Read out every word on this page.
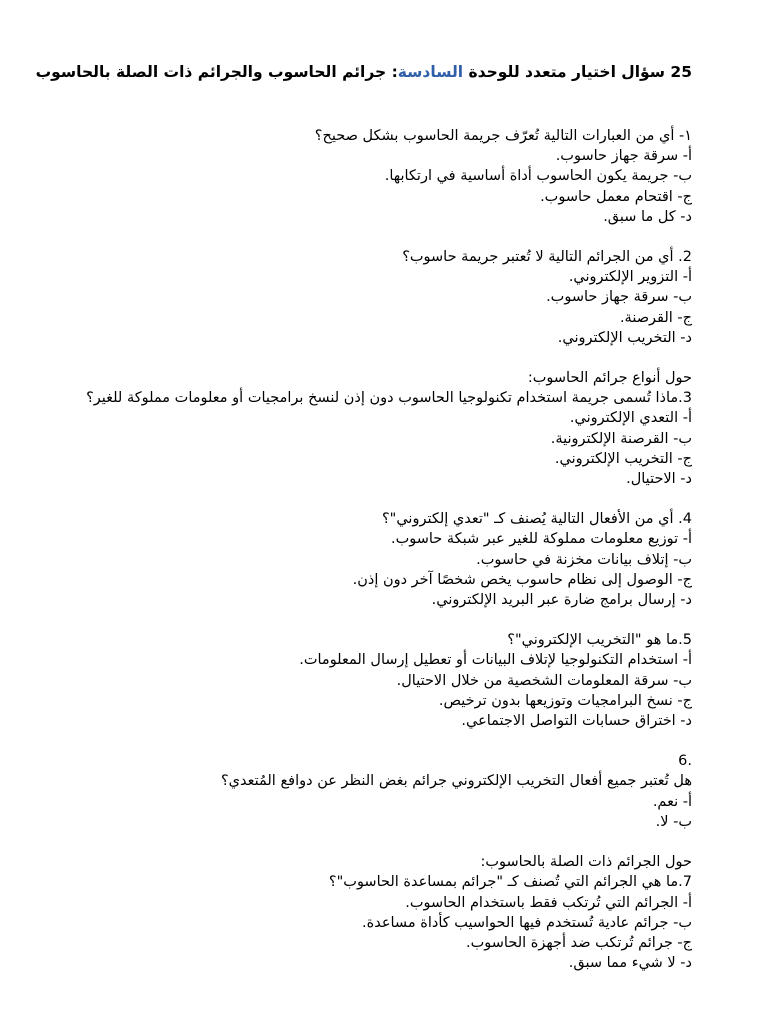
25 سؤال اختيار متعدد للوحدة السادسة: جرائم الحاسوب والجرائم ذات الصلة بالحاسوب
١- أي من العبارات التالية تُعرّف جريمة الحاسوب بشكل صحيح؟
أ- سرقة جهاز حاسوب.
ب- جريمة يكون الحاسوب أداة أساسية في ارتكابها.
ج- اقتحام معمل حاسوب.
د- كل ما سبق.
2. أي من الجرائم التالية لا تُعتبر جريمة حاسوب؟
أ- التزوير الإلكتروني.
ب- سرقة جهاز حاسوب.
ج- القرصنة.
د- التخريب الإلكتروني.
حول أنواع جرائم الحاسوب:
3.ماذا تُسمى جريمة استخدام تكنولوجيا الحاسوب دون إذن لنسخ برامجيات أو معلومات مملوكة للغير؟
أ- التعدي الإلكتروني.
ب- القرصنة الإلكترونية.
ج- التخريب الإلكتروني.
د- الاحتيال.
4. أي من الأفعال التالية يُصنف كـ "تعدي إلكتروني"؟
أ- توزيع معلومات مملوكة للغير عبر شبكة حاسوب.
ب- إتلاف بيانات مخزنة في حاسوب.
ج- الوصول إلى نظام حاسوب يخص شخصًا آخر دون إذن.
د- إرسال برامج ضارة عبر البريد الإلكتروني.
5.ما هو "التخريب الإلكتروني"؟
أ- استخدام التكنولوجيا لإتلاف البيانات أو تعطيل إرسال المعلومات.
ب- سرقة المعلومات الشخصية من خلال الاحتيال.
ج- نسخ البرامجيات وتوزيعها بدون ترخيص.
د- اختراق حسابات التواصل الاجتماعي.
.6
هل تُعتبر جميع أفعال التخريب الإلكتروني جرائم بغض النظر عن دوافع المُتعدي؟
أ- نعم.
ب- لا.
حول الجرائم ذات الصلة بالحاسوب:
7.ما هي الجرائم التي تُصنف كـ "جرائم بمساعدة الحاسوب"؟
أ- الجرائم التي تُرتكب فقط باستخدام الحاسوب.
ب- جرائم عادية تُستخدم فيها الحواسيب كأداة مساعدة.
ج- جرائم تُرتكب ضد أجهزة الحاسوب.
د- لا شيء مما سبق.
